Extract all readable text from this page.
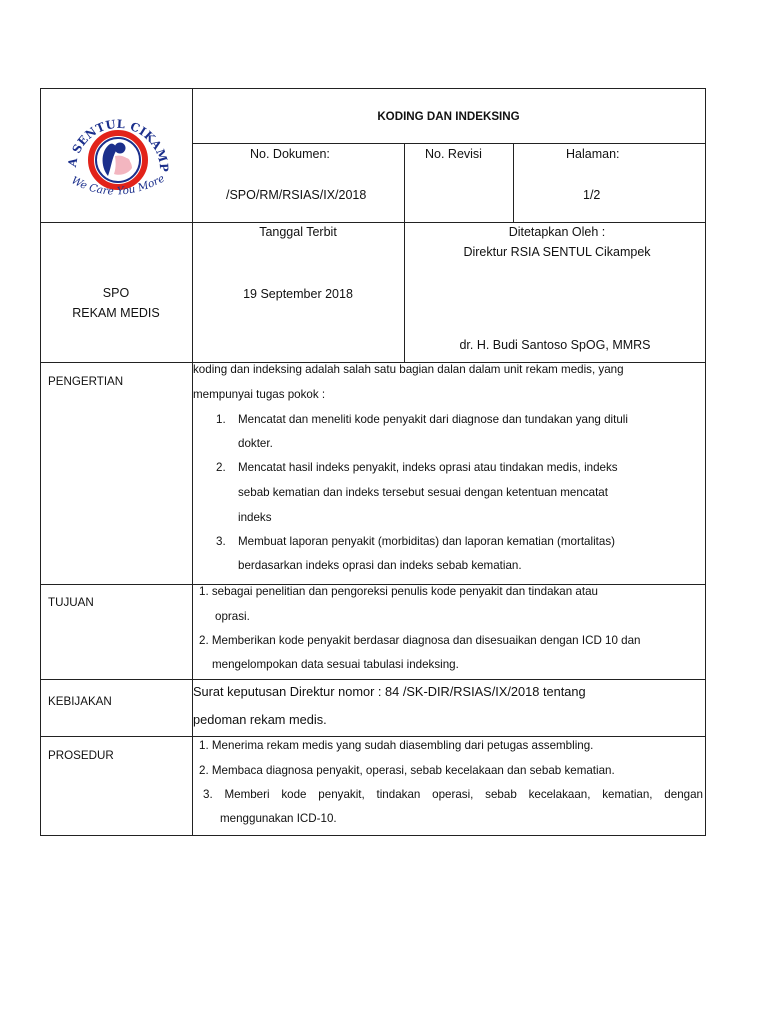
A SENTUL CIKAMP
We Care You More
KODING DAN INDEKSING
No. Dokumen:
/SPO/RM/RSIAS/IX/2018
No. Revisi	Halaman:
1/2
SPO
REKAM MEDIS
Tanggal Terbit
19 September 2018
Ditetapkan Oleh :
Direktur RSIA SENTUL Cikampek
dr. H. Budi Santoso SpOG, MMRS
PENGERTIAN
koding dan indeksing adalah salah satu bagian dalan dalam unit rekam medis, yang
mempunyai tugas pokok :
1. Mencatat dan meneliti kode penyakit dari diagnose dan tundakan yang dituli
dokter.
2. Mencatat hasil indeks penyakit, indeks oprasi atau tindakan medis, indeks
sebab kematian dan indeks tersebut sesuai dengan ketentuan mencatat
indeks
3. Membuat laporan penyakit (morbiditas) dan laporan kematian (mortalitas)
berdasarkan indeks oprasi dan indeks sebab kematian.
TUJUAN
1. sebagai penelitian dan pengoreksi penulis kode penyakit dan tindakan atau
oprasi.
2. Memberikan kode penyakit berdasar diagnosa dan disesuaikan dengan ICD 10 dan
mengelompokan data sesuai tabulasi indeksing.
KEBIJAKAN
Surat keputusan Direktur nomor : 84 /SK-DIR/RSIAS/IX/2018 tentang
pedoman rekam medis.
PROSEDUR
1. Menerima rekam medis yang sudah diasembling dari petugas assembling.
2. Membaca diagnosa penyakit, operasi, sebab kecelakaan dan sebab kematian.
3. Memberi kode penyakit, tindakan operasi, sebab kecelakaan, kematian, dengan
menggunakan ICD-10.
